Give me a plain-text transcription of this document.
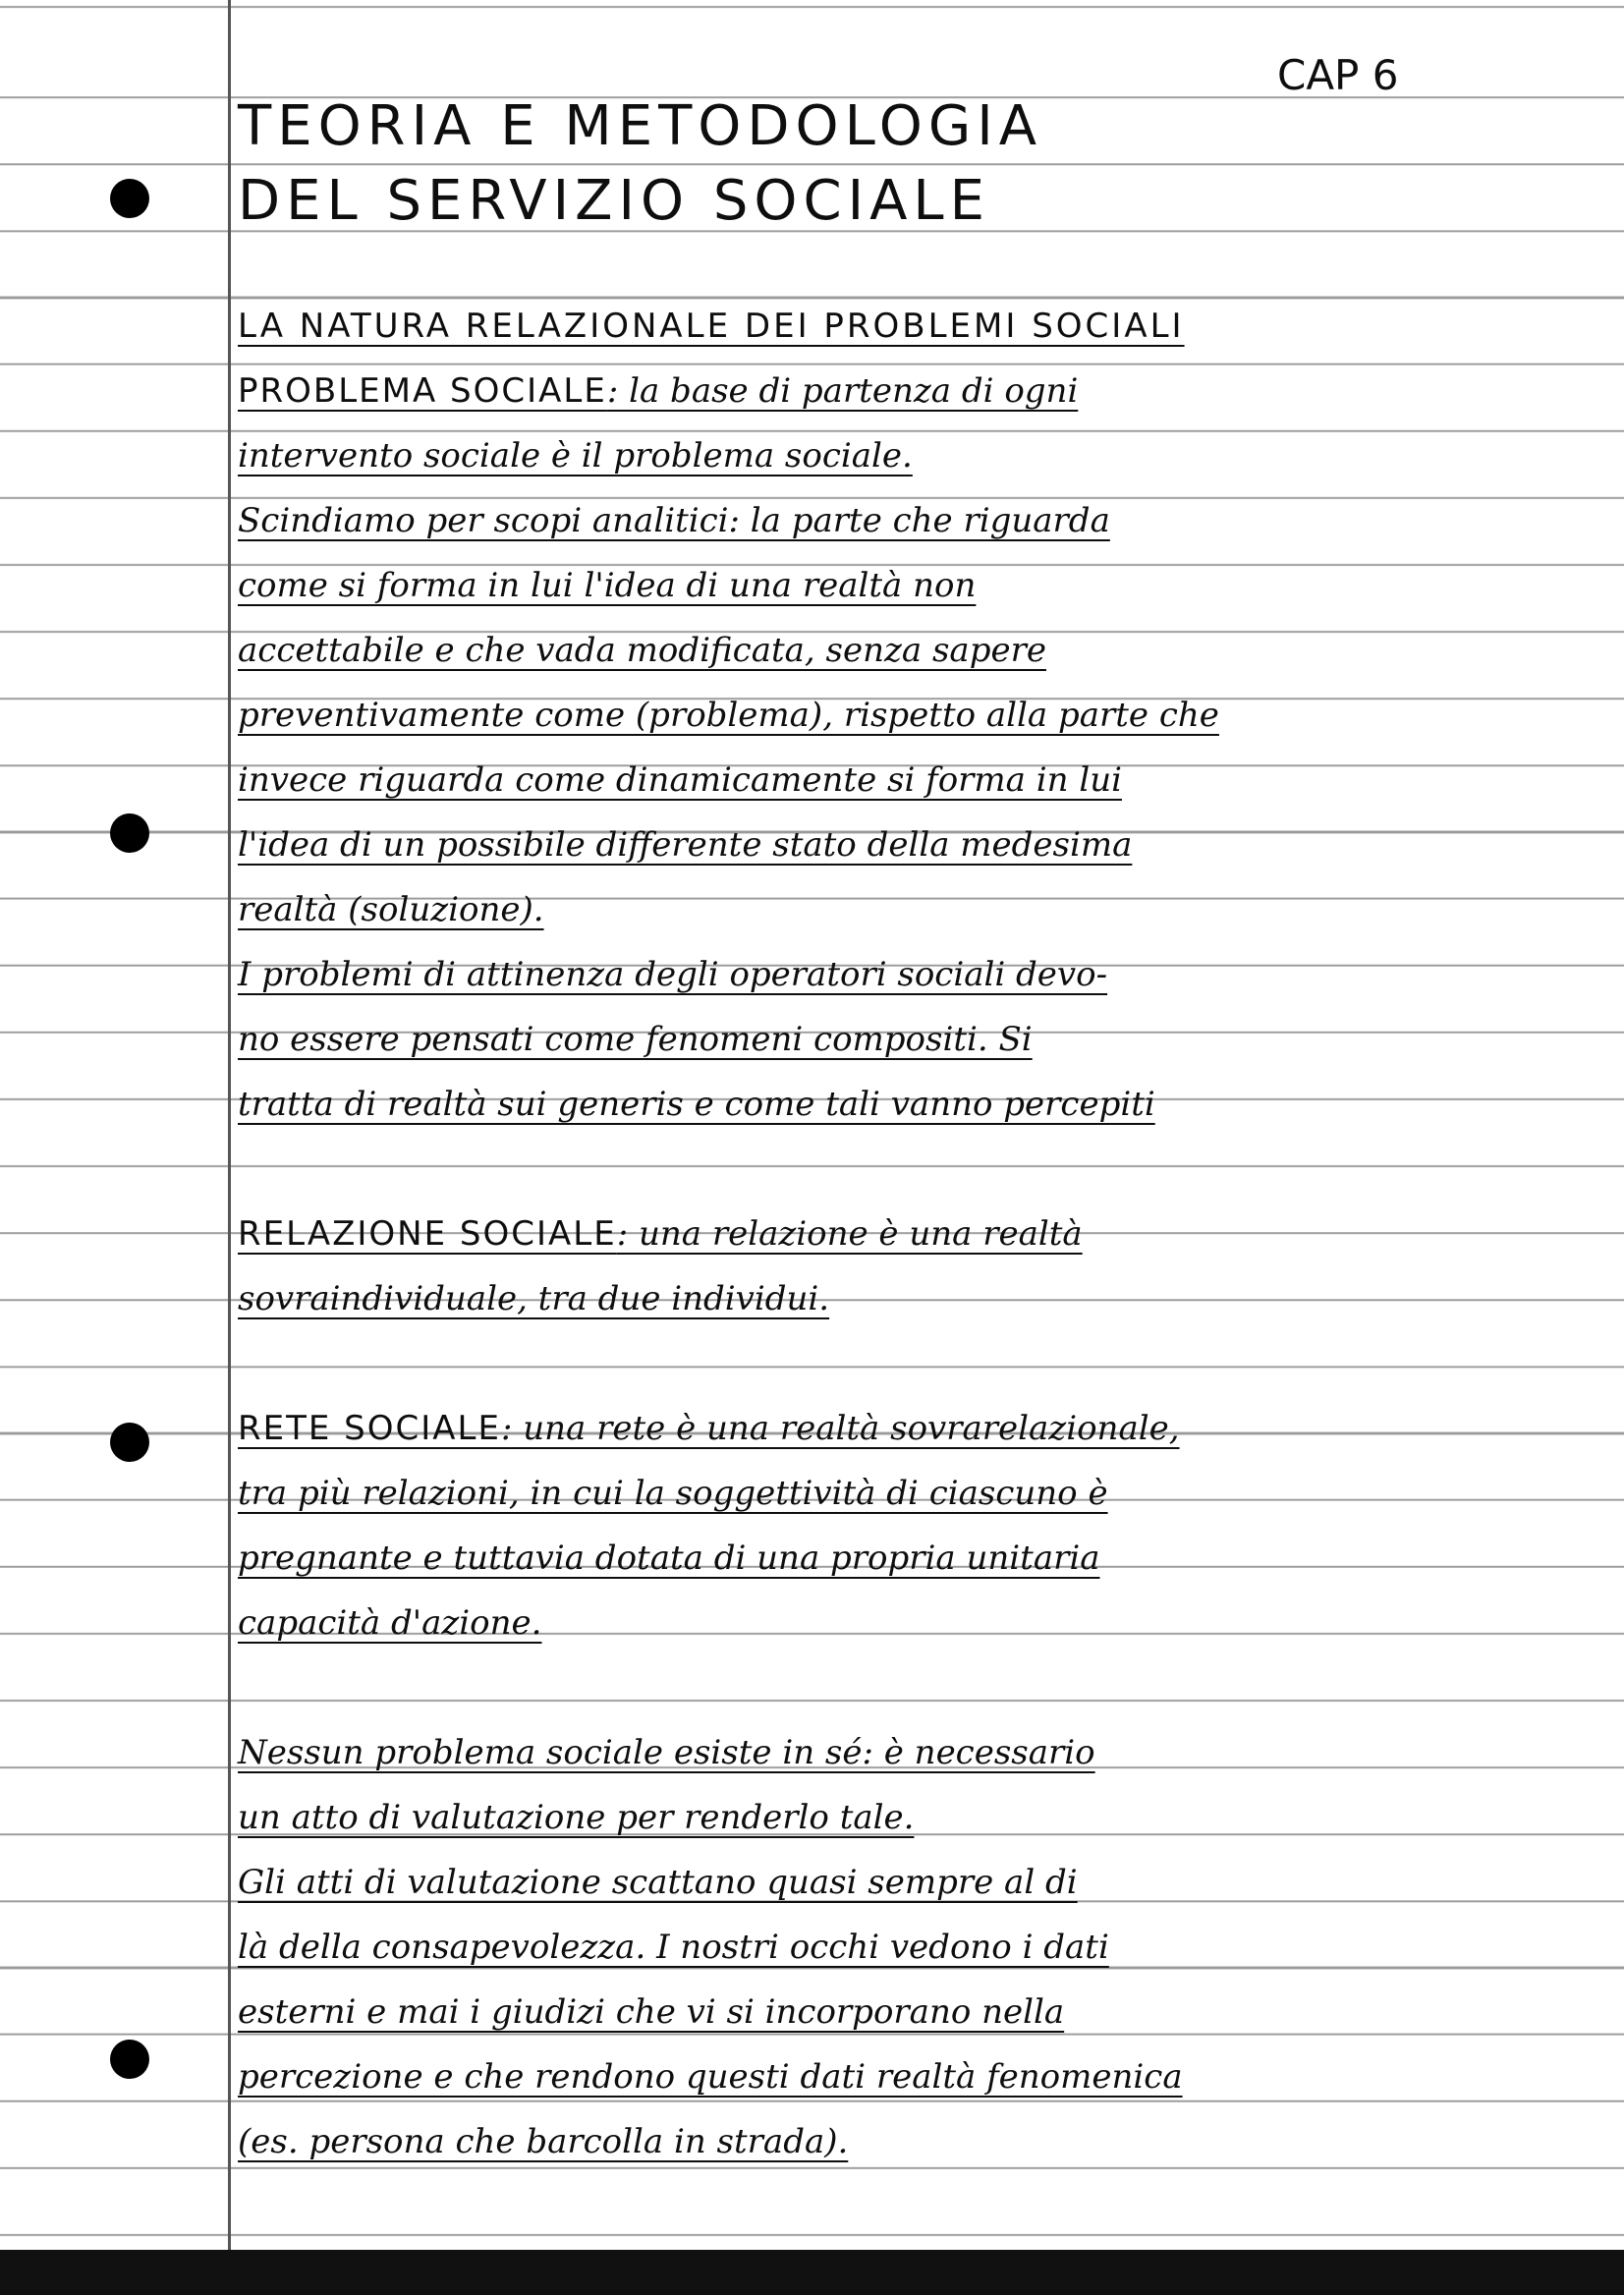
CAP 6
TEORIA E METODOLOGIA
DEL SERVIZIO SOCIALE
LA NATURA RELAZIONALE DEI PROBLEMI SOCIALI
PROBLEMA SOCIALE: la base di partenza di ogni
intervento sociale è il problema sociale.
Scindiamo per scopi analitici: la parte che riguarda
come si forma in lui l'idea di una realtà non
accettabile e che vada modificata, senza sapere
preventivamente come (problema), rispetto alla parte che
invece riguarda come dinamicamente si forma in lui
l'idea di un possibile differente stato della medesima
realtà (soluzione).
I problemi di attinenza degli operatori sociali devo-
no essere pensati come fenomeni compositi. Si
tratta di realtà sui generis e come tali vanno percepiti
RELAZIONE SOCIALE: una relazione è una realtà
sovraindividuale, tra due individui.
RETE SOCIALE: una rete è una realtà sovrarelazionale,
tra più relazioni, in cui la soggettività di ciascuno è
pregnante e tuttavia dotata di una propria unitaria
capacità d'azione.
Nessun problema sociale esiste in sé: è necessario
un atto di valutazione per renderlo tale.
Gli atti di valutazione scattano quasi sempre al di
là della consapevolezza. I nostri occhi vedono i dati
esterni e mai i giudizi che vi si incorporano nella
percezione e che rendono questi dati realtà fenomenica
(es. persona che barcolla in strada).
